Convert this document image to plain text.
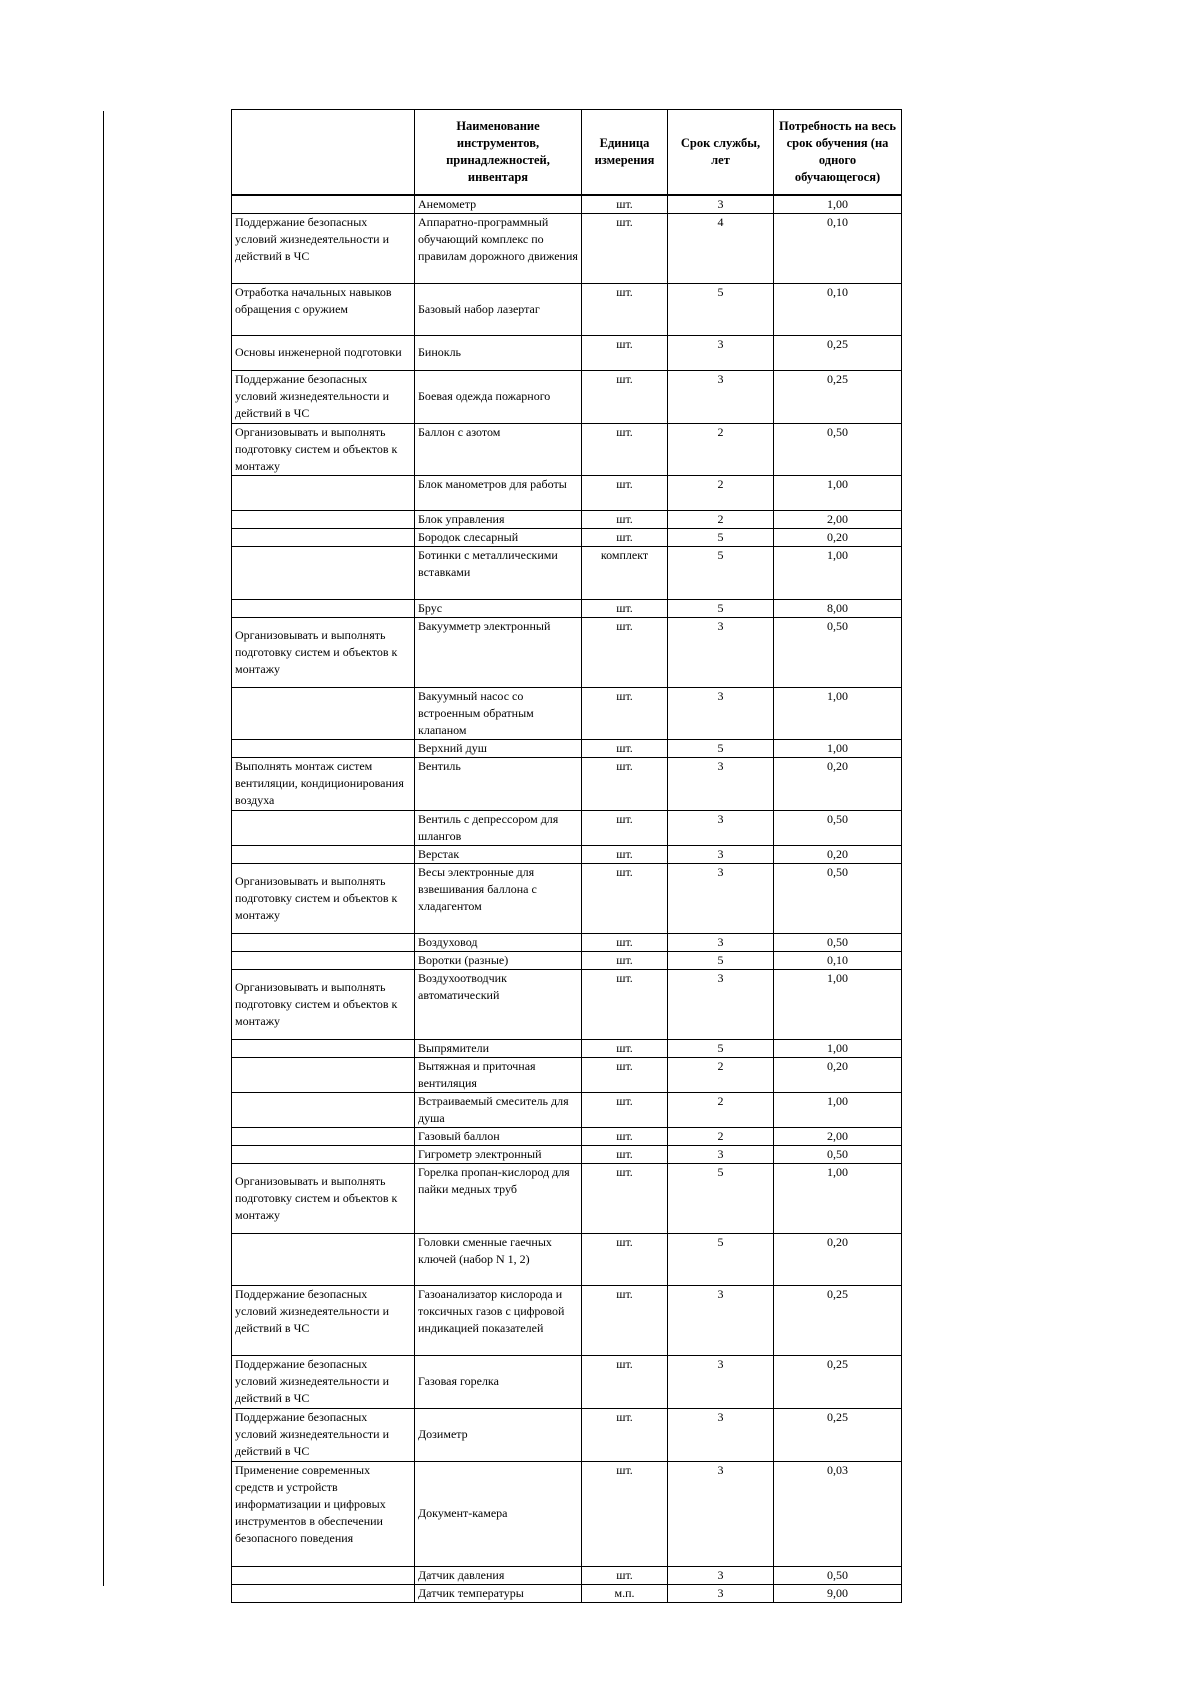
	Наименование инструментов, принадлежностей, инвентаря	Единица измерения	Срок службы, лет	Потребность на весь срок обучения (на одного обучающегося)
	Анемометр	шт.	3	1,00
Поддержание безопасных условий жизнедеятельности и действий в ЧС	Аппаратно-программный обучающий комплекс по правилам дорожного движения	шт.	4	0,10
Отработка начальных навыков обращения с оружием	Базовый набор лазертаг	шт.	5	0,10
Основы инженерной подготовки	Бинокль	шт.	3	0,25
Поддержание безопасных условий жизнедеятельности и действий в ЧС	Боевая одежда пожарного	шт.	3	0,25
Организовывать и выполнять подготовку систем и объектов к монтажу	Баллон с азотом	шт.	2	0,50
	Блок манометров для работы	шт.	2	1,00
	Блок управления	шт.	2	2,00
	Бородок слесарный	шт.	5	0,20
	Ботинки с металлическими вставками	комплект	5	1,00
	Брус	шт.	5	8,00
Организовывать и выполнять подготовку систем и объектов к монтажу	Вакуумметр электронный	шт.	3	0,50
	Вакуумный насос со встроенным обратным клапаном	шт.	3	1,00
	Верхний душ	шт.	5	1,00
Выполнять монтаж систем вентиляции, кондиционирования воздуха	Вентиль	шт.	3	0,20
	Вентиль с депрессором для шлангов	шт.	3	0,50
	Верстак	шт.	3	0,20
Организовывать и выполнять подготовку систем и объектов к монтажу	Весы электронные для взвешивания баллона с хладагентом	шт.	3	0,50
	Воздуховод	шт.	3	0,50
	Воротки (разные)	шт.	5	0,10
Организовывать и выполнять подготовку систем и объектов к монтажу	Воздухоотводчик автоматический	шт.	3	1,00
	Выпрямители	шт.	5	1,00
	Вытяжная и приточная вентиляция	шт.	2	0,20
	Встраиваемый смеситель для душа	шт.	2	1,00
	Газовый баллон	шт.	2	2,00
	Гигрометр электронный	шт.	3	0,50
Организовывать и выполнять подготовку систем и объектов к монтажу	Горелка пропан-кислород для пайки медных труб	шт.	5	1,00
	Головки сменные гаечных ключей (набор N 1, 2)	шт.	5	0,20
Поддержание безопасных условий жизнедеятельности и действий в ЧС	Газоанализатор кислорода и токсичных газов с цифровой индикацией показателей	шт.	3	0,25
Поддержание безопасных условий жизнедеятельности и действий в ЧС	Газовая горелка	шт.	3	0,25
Поддержание безопасных условий жизнедеятельности и действий в ЧС	Дозиметр	шт.	3	0,25
Применение современных средств и устройств информатизации и цифровых инструментов в обеспечении безопасного поведения	Документ-камера	шт.	3	0,03
	Датчик давления	шт.	3	0,50
	Датчик температуры	м.п.	3	9,00
